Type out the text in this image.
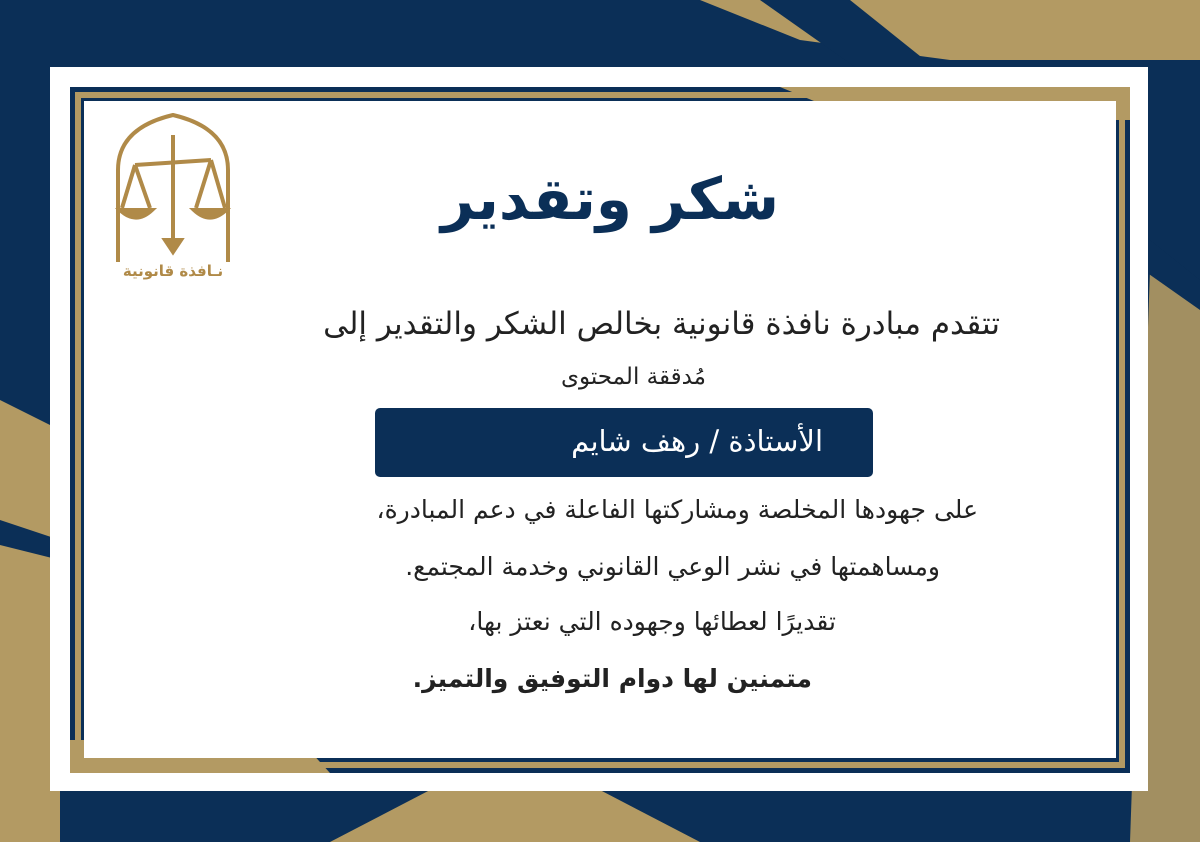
نـافذة قانونية
شكر وتقدير
تتقدم مبادرة نافذة قانونية بخالص الشكر والتقدير إلى
مُدققة المحتوى
الأستاذة / رهف شايم
على جهودها المخلصة ومشاركتها الفاعلة في دعم المبادرة،
ومساهمتها في نشر الوعي القانوني وخدمة المجتمع.
تقديرًا لعطائها وجهوده التي نعتز بها،
متمنين لها دوام التوفيق والتميز.
